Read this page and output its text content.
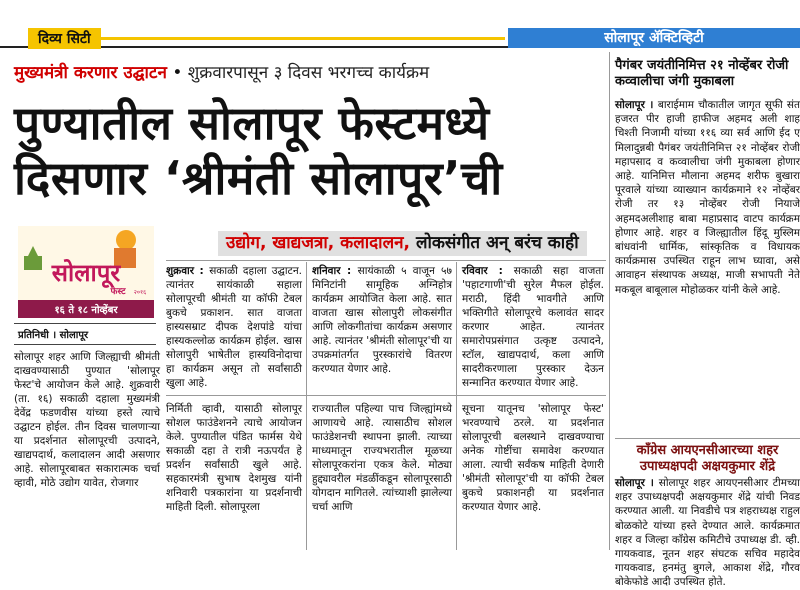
दिव्य सिटी	सोलापूर ॲक्टिव्हिटी
मुख्यमंत्री करणार उद्घाटन • शुक्रवारपासून ३ दिवस भरगच्च कार्यक्रम
पुण्यातील सोलापूर फेस्टमध्ये
दिसणार ‘श्रीमंती सोलापूर’ची
सोलापूर
फेस्ट २०१६
१६ ते १८ नोव्हेंबर
प्रतिनिधी । सोलापूर
उद्योग, खाद्यजत्रा, कलादालन, लोकसंगीत अन् बरंच काही
सोलापूर शहर आणि जिल्ह्याची श्रीमंती दाखवण्यासाठी पुण्यात 'सोलापूर फेस्ट'चे आयोजन केले आहे. शुक्रवारी (ता. १६) सकाळी दहाला मुख्यमंत्री देवेंद्र फडणवीस यांच्या हस्ते त्याचे उद्घाटन होईल. तीन दिवस चालणाऱ्या या प्रदर्शनात सोलापूरची उत्पादने, खाद्यपदार्थ, कलादालन आदी असणार आहे. सोलापूरबाबत सकारात्मक चर्चा व्हावी, मोठे उद्योग यावेत, रोजगार
शुक्रवार : सकाळी दहाला उद्घाटन. त्यानंतर सायंकाळी सहाला सोलापूरची श्रीमंती या कॉफी टेबल बुकचे प्रकाशन. सात वाजता हास्यसम्राट दीपक देशपांडे यांचा हास्यकल्लोळ कार्यक्रम होईल. खास सोलापुरी भाषेतील हास्यविनोदाचा हा कार्यक्रम असून तो सर्वांसाठी खुला आहे.
शनिवार : सायंकाळी ५ वाजून ५७ मिनिटांनी सामूहिक अग्निहोत्र कार्यक्रम आयोजित केला आहे. सात वाजता खास सोलापुरी लोकसंगीत आणि लोकगीतांचा कार्यक्रम असणार आहे. त्यानंतर 'श्रीमंती सोलापूर'ची या उपक्रमांतर्गत पुरस्कारांचे वितरण करण्यात येणार आहे.
रविवार : सकाळी सहा वाजता 'पहाटगाणी'ची सुरेल मैफल होईल. मराठी, हिंदी भावगीते आणि भक्तिगीते सोलापूरचे कलावंत सादर करणार आहेत. त्यानंतर समारोपप्रसंगात उत्कृष्ट उत्पादने, स्टॉल, खाद्यपदार्थ, कला आणि सादरीकरणाला पुरस्कार देऊन सन्मानित करण्यात येणार आहे.
निर्मिती व्हावी, यासाठी सोलापूर सोशल फाउंडेशनने त्याचे आयोजन केले. पुण्यातील पंडित फार्मस येथे सकाळी दहा ते रात्री नऊपर्यंत हे प्रदर्शन सर्वांसाठी खुले आहे. सहकारमंत्री सुभाष देशमुख यांनी शनिवारी पत्रकारांना या प्रदर्शनाची माहिती दिली. सोलापूरला
राज्यातील पहिल्या पाच जिल्ह्यांमध्ये आणायचे आहे. त्यासाठीच सोशल फाउंडेशनची स्थापना झाली. त्याच्या माध्यमातून राज्यभरातील मूळच्या सोलापूरकरांना एकत्र केले. मोठ्या हुद्द्यावरील मंडळींकडून सोलापूरसाठी योगदान मागितले. त्यांच्याशी झालेल्या चर्चा आणि
सूचना यातूनच 'सोलापूर फेस्ट' भरवण्याचे ठरले. या प्रदर्शनात सोलापूरची बलस्थाने दाखवण्याचा अनेक गोष्टींचा समावेश करण्यात आला. त्याची सर्वंकष माहिती देणारी 'श्रीमंती सोलापूर'ची या कॉफी टेबल बुकचे प्रकाशनही या प्रदर्शनात करण्यात येणार आहे.
पैगंबर जयंतीनिमित्त २१ नोव्हेंबर रोजी कव्वालीचा जंगी मुकाबला
सोलापूर । बाराईमाम चौकातील जागृत सूफी संत हजरत पीर हाजी हाफीज अहमद अली शाह चिश्ती निजामी यांच्या ११६ व्या सर्व आणि ईद ए मिलादुन्नबी पैगंबर जयंतीनिमित्त २१ नोव्हेंबर रोजी महापसाद व कव्वालीचा जंगी मुकाबला होणार आहे. यानिमित्त मौलाना अहमद शरीफ बुखारा पूरवाले यांच्या व्याख्यान कार्यक्रमाने १२ नोव्हेंबर रोजी तर १३ नोव्हेंबर रोजी नियाजे अहमदअलीशाह बाबा महाप्रसाद वाटप कार्यक्रम होणार आहे. शहर व जिल्ह्यातील हिंदू मुस्लिम बांधवांनी धार्मिक, सांस्कृतिक व विधायक कार्यक्रमास उपस्थित राहून लाभ घ्यावा, असे आवाहन संस्थापक अध्यक्ष, माजी सभापती नेते मकबूल बाबूलाल मोहोळकर यांनी केले आहे.
काँग्रेस आयएनसीआरच्या शहर उपाध्यक्षपदी अक्षयकुमार शेंद्रे
सोलापूर । सोलापूर शहर आयएनसीआर टीमच्या शहर उपाध्यक्षपदी अक्षयकुमार शेंद्रे यांची निवड करण्यात आली. या निवडीचे पत्र शहराध्यक्ष राहुल बोळकोटे यांच्या हस्ते देण्यात आले. कार्यक्रमात शहर व जिल्हा काँग्रेस कमिटीचे उपाध्यक्ष डी. व्ही. गायकवाड, नूतन शहर संघटक सचिव महादेव गायकवाड, हनमंतु बुगले, आकाश शेंद्रे, गौरव बोकेफोडे आदी उपस्थित होते.
